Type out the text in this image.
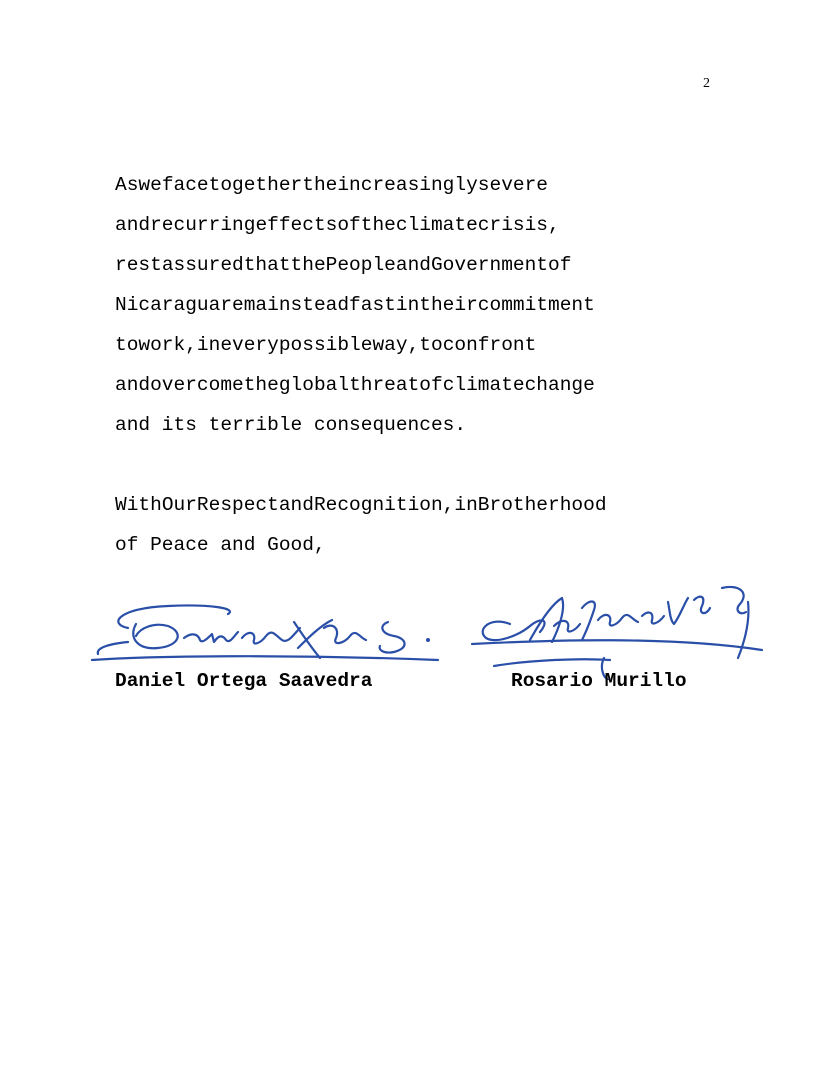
2
Aswefacetogethertheincreasinglysevere
andrecurringeffectsoftheclimatecrisis,
restassuredthatthePeopleandGovernmentof
Nicaraguaremainsteadfastintheircommitment
towork,ineverypossibleway,toconfront
andovercometheglobalthreatofclimatechange
and its terrible consequences.
WithOurRespectandRecognition,inBrotherhood
of Peace and Good,
Daniel Ortega Saavedra	Rosario Murillo
